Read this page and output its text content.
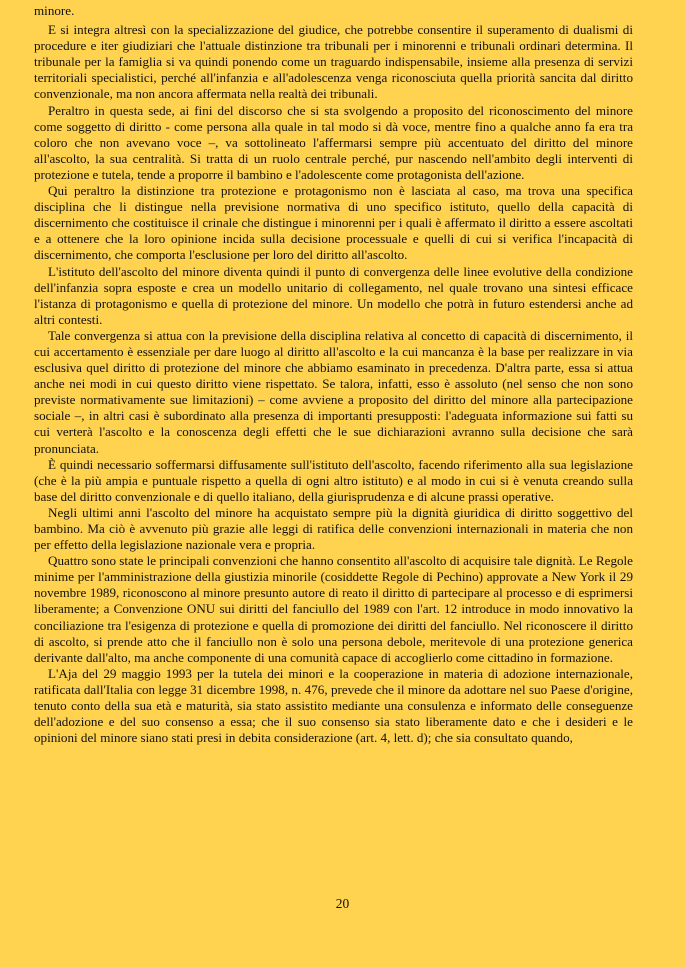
minore.

E si integra altresì con la specializzazione del giudice, che potrebbe consentire il superamento di dualismi di procedure e iter giudiziari che l'attuale distinzione tra tribunali per i minorenni e tribunali ordinari determina. Il tribunale per la famiglia si va quindi ponendo come un traguardo indispensabile, insieme alla presenza di servizi territoriali specialistici, perché all'infanzia e all'adolescenza venga riconosciuta quella priorità sancita dal diritto convenzionale, ma non ancora affermata nella realtà dei tribunali.

Peraltro in questa sede, ai fini del discorso che si sta svolgendo a proposito del riconoscimento del minore come soggetto di diritto - come persona alla quale in tal modo si dà voce, mentre fino a qualche anno fa era tra coloro che non avevano voce –, va sottolineato l'affermarsi sempre più accentuato del diritto del minore all'ascolto, la sua centralità. Si tratta di un ruolo centrale perché, pur nascendo nell'ambito degli interventi di protezione e tutela, tende a proporre il bambino e l'adolescente come protagonista dell'azione.

Qui peraltro la distinzione tra protezione e protagonismo non è lasciata al caso, ma trova una specifica disciplina che li distingue nella previsione normativa di uno specifico istituto, quello della capacità di discernimento che costituisce il crinale che distingue i minorenni per i quali è affermato il diritto a essere ascoltati e a ottenere che la loro opinione incida sulla decisione processuale e quelli di cui si verifica l'incapacità di discernimento, che comporta l'esclusione per loro del diritto all'ascolto.

L'istituto dell'ascolto del minore diventa quindi il punto di convergenza delle linee evolutive della condizione dell'infanzia sopra esposte e crea un modello unitario di collegamento, nel quale trovano una sintesi efficace l'istanza di protagonismo e quella di protezione del minore. Un modello che potrà in futuro estendersi anche ad altri contesti.

Tale convergenza si attua con la previsione della disciplina relativa al concetto di capacità di discernimento, il cui accertamento è essenziale per dare luogo al diritto all'ascolto e la cui mancanza è la base per realizzare in via esclusiva quel diritto di protezione del minore che abbiamo esaminato in precedenza. D'altra parte, essa si attua anche nei modi in cui questo diritto viene rispettato. Se talora, infatti, esso è assoluto (nel senso che non sono previste normativamente sue limitazioni) – come avviene a proposito del diritto del minore alla partecipazione sociale –, in altri casi è subordinato alla presenza di importanti presupposti: l'adeguata informazione sui fatti su cui verterà l'ascolto e la conoscenza degli effetti che le sue dichiarazioni avranno sulla decisione che sarà pronunciata.

È quindi necessario soffermarsi diffusamente sull'istituto dell'ascolto, facendo riferimento alla sua legislazione (che è la più ampia e puntuale rispetto a quella di ogni altro istituto) e al modo in cui si è venuta creando sulla base del diritto convenzionale e di quello italiano, della giurisprudenza e di alcune prassi operative.

Negli ultimi anni l'ascolto del minore ha acquistato sempre più la dignità giuridica di diritto soggettivo del bambino. Ma ciò è avvenuto più grazie alle leggi di ratifica delle convenzioni internazionali in materia che non per effetto della legislazione nazionale vera e propria.

Quattro sono state le principali convenzioni che hanno consentito all'ascolto di acquisire tale dignità. Le Regole minime per l'amministrazione della giustizia minorile (cosiddette Regole di Pechino) approvate a New York il 29 novembre 1989, riconoscono al minore presunto autore di reato il diritto di partecipare al processo e di esprimersi liberamente; a Convenzione ONU sui diritti del fanciullo del 1989 con l'art. 12 introduce in modo innovativo la conciliazione tra l'esigenza di protezione e quella di promozione dei diritti del fanciullo. Nel riconoscere il diritto di ascolto, si prende atto che il fanciullo non è solo una persona debole, meritevole di una protezione generica derivante dall'alto, ma anche componente di una comunità capace di accoglierlo come cittadino in formazione.

L'Aja del 29 maggio 1993 per la tutela dei minori e la cooperazione in materia di adozione internazionale, ratificata dall'Italia con legge 31 dicembre 1998, n. 476, prevede che il minore da adottare nel suo Paese d'origine, tenuto conto della sua età e maturità, sia stato assistito mediante una consulenza e informato delle conseguenze dell'adozione e del suo consenso a essa; che il suo consenso sia stato liberamente dato e che i desideri e le opinioni del minore siano stati presi in debita considerazione (art. 4, lett. d); che sia consultato quando,

20
